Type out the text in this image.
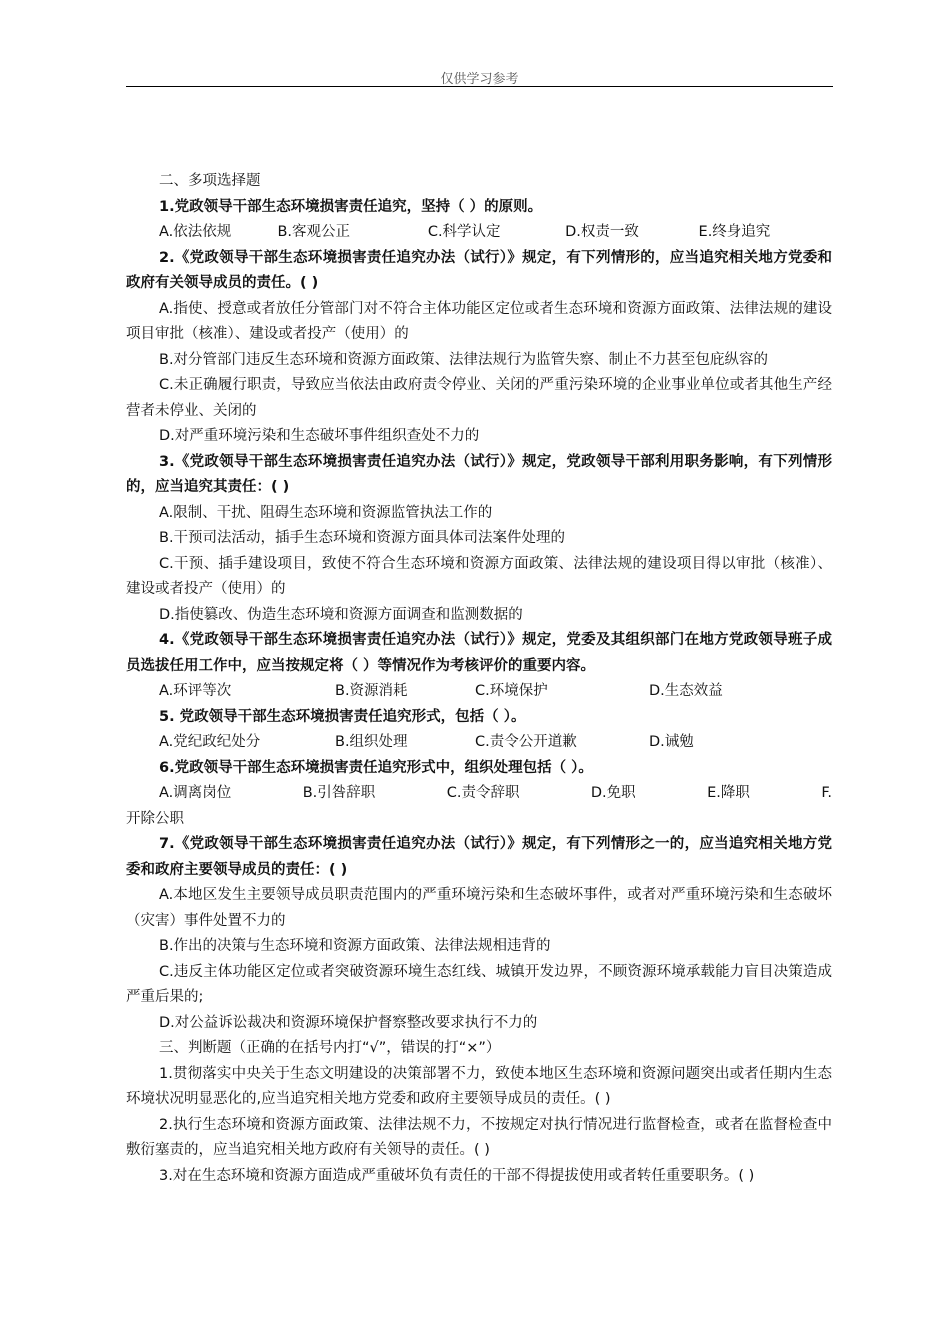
仅供学习参考

二、多项选择题

1.党政领导干部生态环境损害责任追究，坚持（ ）的原则。

A.依法依规	B.客观公正	C.科学认定	D.权责一致	E.终身追究

2.《党政领导干部生态环境损害责任追究办法（试行）》规定，有下列情形的，应当追究相关地方党委和政府有关领导成员的责任。( )

A.指使、授意或者放任分管部门对不符合主体功能区定位或者生态环境和资源方面政策、法律法规的建设项目审批（核准）、建设或者投产（使用）的

B.对分管部门违反生态环境和资源方面政策、法律法规行为监管失察、制止不力甚至包庇纵容的

C.未正确履行职责，导致应当依法由政府责令停业、关闭的严重污染环境的企业事业单位或者其他生产经营者未停业、关闭的

D.对严重环境污染和生态破坏事件组织查处不力的

3.《党政领导干部生态环境损害责任追究办法（试行）》规定，党政领导干部利用职务影响，有下列情形的，应当追究其责任：( )

A.限制、干扰、阻碍生态环境和资源监管执法工作的

B.干预司法活动，插手生态环境和资源方面具体司法案件处理的

C.干预、插手建设项目，致使不符合生态环境和资源方面政策、法律法规的建设项目得以审批（核准）、建设或者投产（使用）的

D.指使篡改、伪造生态环境和资源方面调查和监测数据的

4.《党政领导干部生态环境损害责任追究办法（试行）》规定，党委及其组织部门在地方党政领导班子成员选拔任用工作中，应当按规定将（ ）等情况作为考核评价的重要内容。

A.环评等次	B.资源消耗	C.环境保护	D.生态效益

5. 党政领导干部生态环境损害责任追究形式，包括（ ）。

A.党纪政纪处分	B.组织处理	C.责令公开道歉	D.诫勉

6.党政领导干部生态环境损害责任追究形式中，组织处理包括（ ）。

A.调离岗位	B.引咎辞职	C.责令辞职	D.免职	E.降职	F.

开除公职

7.《党政领导干部生态环境损害责任追究办法（试行）》规定，有下列情形之一的，应当追究相关地方党委和政府主要领导成员的责任：( )

A.本地区发生主要领导成员职责范围内的严重环境污染和生态破坏事件，或者对严重环境污染和生态破坏（灾害）事件处置不力的

B.作出的决策与生态环境和资源方面政策、法律法规相违背的

C.违反主体功能区定位或者突破资源环境生态红线、城镇开发边界，不顾资源环境承载能力盲目决策造成严重后果的;

D.对公益诉讼裁决和资源环境保护督察整改要求执行不力的

三、判断题（正确的在括号内打“√”，错误的打“×”）

1.贯彻落实中央关于生态文明建设的决策部署不力，致使本地区生态环境和资源问题突出或者任期内生态环境状况明显恶化的,应当追究相关地方党委和政府主要领导成员的责任。( )

2.执行生态环境和资源方面政策、法律法规不力，不按规定对执行情况进行监督检查，或者在监督检查中敷衍塞责的，应当追究相关地方政府有关领导的责任。( )

3.对在生态环境和资源方面造成严重破坏负有责任的干部不得提拔使用或者转任重要职务。( )
